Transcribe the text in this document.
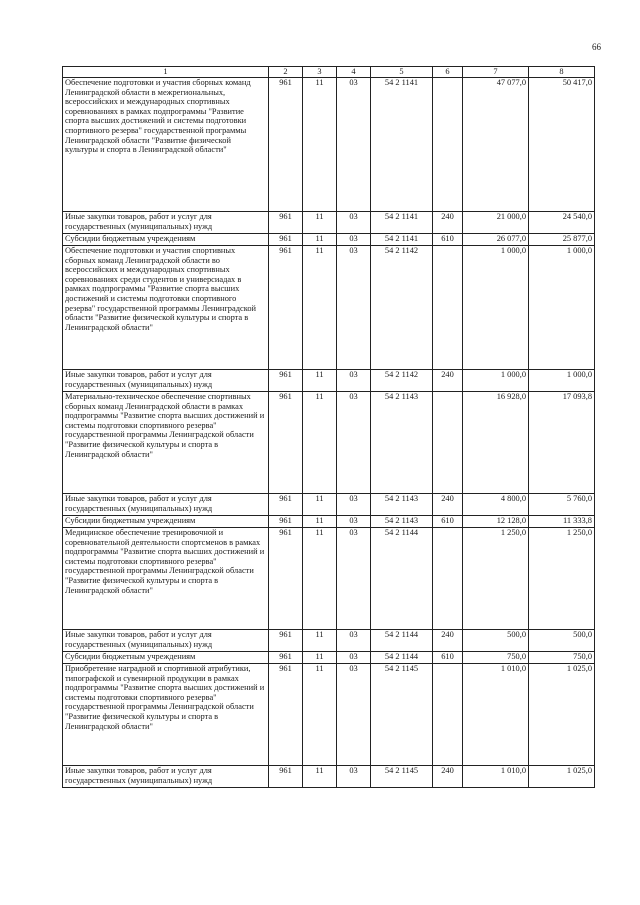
66
1	2	3	4	5	6	7	8
Обеспечение подготовки и участия сборных команд Ленинградской области в межрегиональных, всероссийских и международных спортивных соревнованиях в рамках подпрограммы "Развитие спорта высших достижений и системы подготовки спортивного резерва" государственной программы Ленинградской области "Развитие физической культуры и спорта в Ленинградской области"	961	11	03	54 2 1141		47 077,0	50 417,0
Иные закупки товаров, работ и услуг для государственных (муниципальных) нужд	961	11	03	54 2 1141	240	21 000,0	24 540,0
Субсидии бюджетным учреждениям	961	11	03	54 2 1141	610	26 077,0	25 877,0
Обеспечение подготовки и участия спортивных сборных команд Ленинградской области во всероссийских и международных спортивных соревнованиях среди студентов и универсиадах в рамках подпрограммы "Развитие спорта высших достижений и системы подготовки спортивного резерва" государственной программы Ленинградской области "Развитие физической культуры и спорта в Ленинградской области"	961	11	03	54 2 1142		1 000,0	1 000,0
Иные закупки товаров, работ и услуг для государственных (муниципальных) нужд	961	11	03	54 2 1142	240	1 000,0	1 000,0
Материально-техническое обеспечение спортивных сборных команд Ленинградской области в рамках подпрограммы "Развитие спорта высших достижений и системы подготовки спортивного резерва" государственной программы Ленинградской области "Развитие физической культуры и спорта в Ленинградской области"	961	11	03	54 2 1143		16 928,0	17 093,8
Иные закупки товаров, работ и услуг для государственных (муниципальных) нужд	961	11	03	54 2 1143	240	4 800,0	5 760,0
Субсидии бюджетным учреждениям	961	11	03	54 2 1143	610	12 128,0	11 333,8
Медицинское обеспечение тренировочной и соревновательной деятельности спортсменов в рамках подпрограммы "Развитие спорта высших достижений и системы подготовки спортивного резерва" государственной программы Ленинградской области "Развитие физической культуры и спорта в Ленинградской области"	961	11	03	54 2 1144		1 250,0	1 250,0
Иные закупки товаров, работ и услуг для государственных (муниципальных) нужд	961	11	03	54 2 1144	240	500,0	500,0
Субсидии бюджетным учреждениям	961	11	03	54 2 1144	610	750,0	750,0
Приобретение наградной и спортивной атрибутики, типографской и сувенирной продукции в рамках подпрограммы "Развитие спорта высших достижений и системы подготовки спортивного резерва" государственной программы Ленинградской области "Развитие физической культуры и спорта в Ленинградской области"	961	11	03	54 2 1145		1 010,0	1 025,0
Иные закупки товаров, работ и услуг для государственных (муниципальных) нужд	961	11	03	54 2 1145	240	1 010,0	1 025,0
